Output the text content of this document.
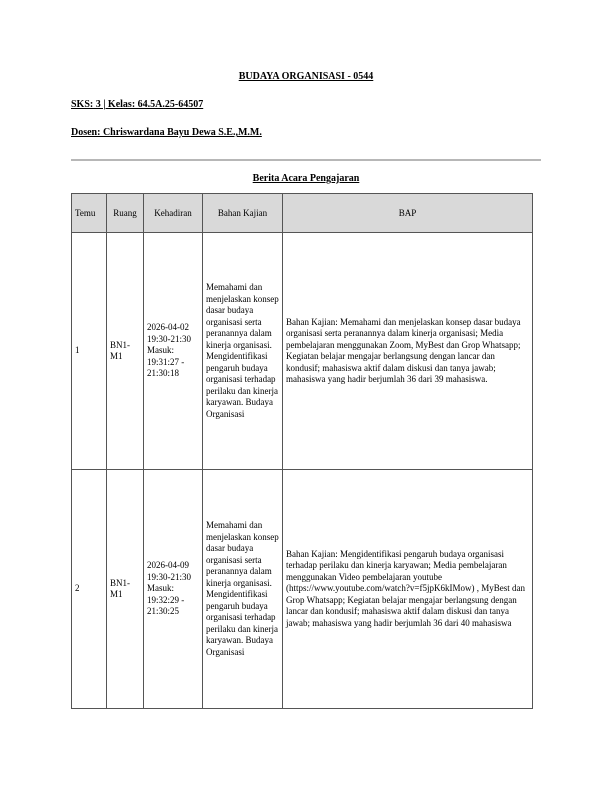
BUDAYA ORGANISASI - 0544
SKS: 3 | Kelas: 64.5A.25-64507
Dosen: Chriswardana Bayu Dewa S.E.,M.M.
Berita Acara Pengajaran
Temu	Ruang	Kehadiran	Bahan Kajian	BAP
1	BN1-M1	2026-04-02 19:30-21:30 Masuk: 19:31:27 - 21:30:18	Memahami dan menjelaskan konsep dasar budaya organisasi serta peranannya dalam kinerja organisasi. Mengidentifikasi pengaruh budaya organisasi terhadap perilaku dan kinerja karyawan. Budaya Organisasi	Bahan Kajian: Memahami dan menjelaskan konsep dasar budaya organisasi serta peranannya dalam kinerja organisasi; Media pembelajaran menggunakan Zoom, MyBest dan Grop Whatsapp; Kegiatan belajar mengajar berlangsung dengan lancar dan kondusif; mahasiswa aktif dalam diskusi dan tanya jawab; mahasiswa yang hadir berjumlah 36 dari 39 mahasiswa.
2	BN1-M1	2026-04-09 19:30-21:30 Masuk: 19:32:29 - 21:30:25	Memahami dan menjelaskan konsep dasar budaya organisasi serta peranannya dalam kinerja organisasi. Mengidentifikasi pengaruh budaya organisasi terhadap perilaku dan kinerja karyawan. Budaya Organisasi	Bahan Kajian: Mengidentifikasi pengaruh budaya organisasi terhadap perilaku dan kinerja karyawan; Media pembelajaran menggunakan Video pembelajaran youtube (https://www.youtube.com/watch?v=f5jpK6kIMow) , MyBest dan Grop Whatsapp; Kegiatan belajar mengajar berlangsung dengan lancar dan kondusif; mahasiswa aktif dalam diskusi dan tanya jawab; mahasiswa yang hadir berjumlah 36 dari 40 mahasiswa
